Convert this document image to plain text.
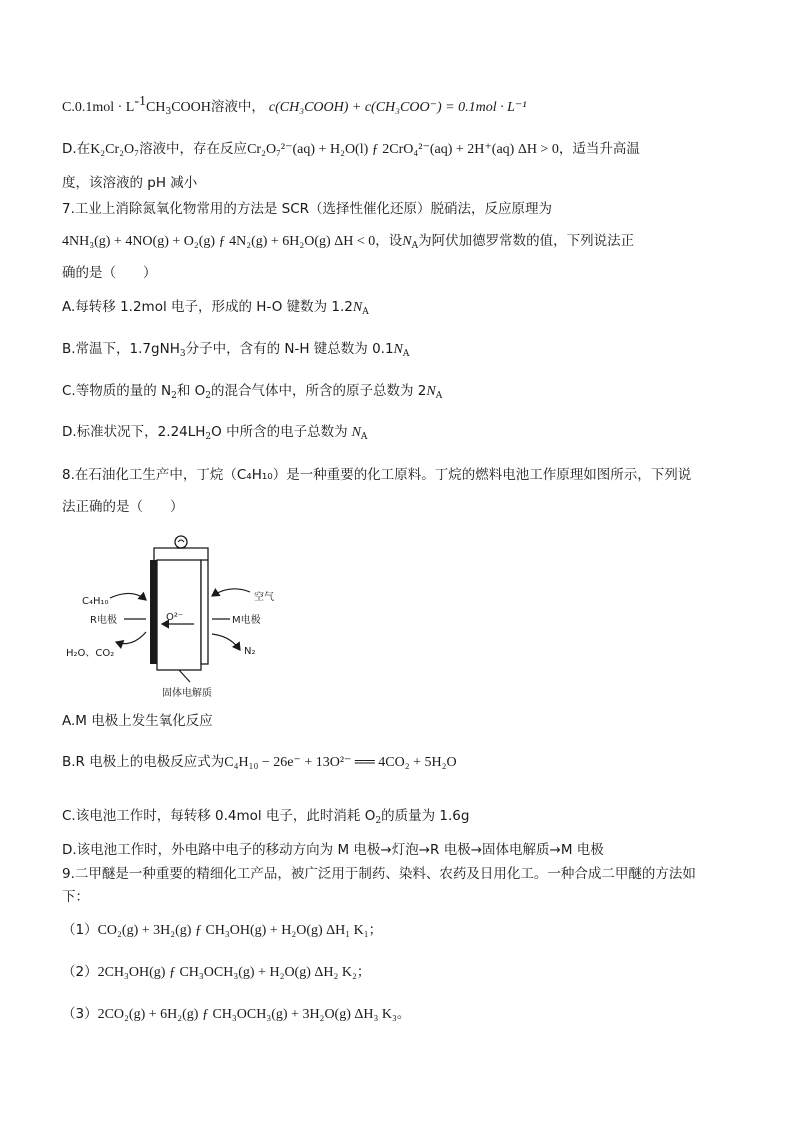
$C.0.1mol \cdot L^{-1}CH_3COOH$溶液中， c(CH₃COOH) + c(CH₃COO⁻) = 0.1mol · L⁻¹
D.在K₂Cr₂O₇溶液中，存在反应Cr₂O₇²⁻(aq) + H₂O(l) ƒ 2CrO₄²⁻(aq) + 2H⁺(aq) ΔH > 0，适当升高温
度，该溶液的 pH 减小
7.工业上消除氮氧化物常用的方法是 SCR（选择性催化还原）脱硝法，反应原理为
4NH₃(g) + 4NO(g) + O₂(g) ƒ 4N₂(g) + 6H₂O(g) ΔH < 0，设$N_A$为阿伏加德罗常数的值，下列说法正
确的是（　　）
A.每转移 1.2mol 电子，形成的 H-O 键数为 $1.2N_A$
B.常温下，1.7gNH$_3$分子中，含有的 N-H 键总数为 $0.1N_A$
C.等物质的量的 $N_2$和 $O_2$的混合气体中，所含的原子总数为 $2N_A$
D.标准状况下，$2.24LH_2O$ 中所含的电子总数为 $N_A$
8.在石油化工生产中，丁烷（C₄H₁₀）是一种重要的化工原料。丁烷的燃料电池工作原理如图所示，下列说
法正确的是（　　）
O²⁻
C₄H₁₀
R电极
H₂O、CO₂
空气
M电极
N₂
固体电解质
A.M 电极上发生氧化反应
B.R 电极上的电极反应式为C₄H₁₀ − 26e⁻ + 13O²⁻ ══ 4CO₂ + 5H₂O
C.该电池工作时，每转移 0.4mol 电子，此时消耗 $O_2$的质量为 1.6g
D.该电池工作时，外电路中电子的移动方向为 M 电极→灯泡→R 电极→固体电解质→M 电极
9.二甲醚是一种重要的精细化工产品，被广泛用于制药、染料、农药及日用化工。一种合成二甲醚的方法如
下：
（1）CO₂(g) + 3H₂(g) ƒ CH₃OH(g) + H₂O(g) ΔH₁ K₁；
（2）2CH₃OH(g) ƒ CH₃OCH₃(g) + H₂O(g) ΔH₂ K₂；
（3）2CO₂(g) + 6H₂(g) ƒ CH₃OCH₃(g) + 3H₂O(g) ΔH₃ K₃。
